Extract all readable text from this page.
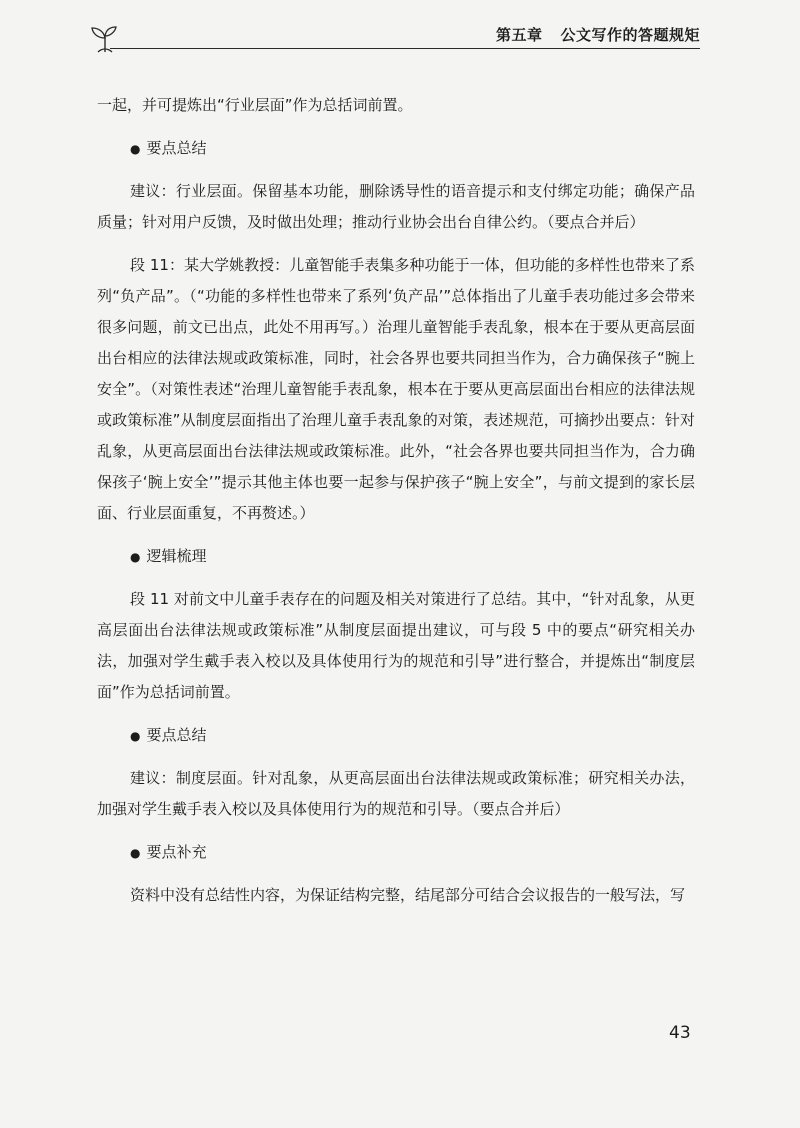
第五章 公文写作的答题规矩

一起，并可提炼出“行业层面”作为总括词前置。

● 要点总结

建议：行业层面。保留基本功能，删除诱导性的语音提示和支付绑定功能；确保产品质量；针对用户反馈，及时做出处理；推动行业协会出台自律公约。（要点合并后）

段 11：某大学姚教授：儿童智能手表集多种功能于一体，但功能的多样性也带来了系列“负产品”。（“功能的多样性也带来了系列‘负产品’”总体指出了儿童手表功能过多会带来很多问题，前文已出点，此处不用再写。）治理儿童智能手表乱象，根本在于要从更高层面出台相应的法律法规或政策标准，同时，社会各界也要共同担当作为，合力确保孩子“腕上安全”。（对策性表述“治理儿童智能手表乱象，根本在于要从更高层面出台相应的法律法规或政策标准”从制度层面指出了治理儿童手表乱象的对策，表述规范，可摘抄出要点：针对乱象，从更高层面出台法律法规或政策标准。此外，“社会各界也要共同担当作为，合力确保孩子‘腕上安全’”提示其他主体也要一起参与保护孩子“腕上安全”，与前文提到的家长层面、行业层面重复，不再赘述。）

● 逻辑梳理

段 11 对前文中儿童手表存在的问题及相关对策进行了总结。其中，“针对乱象，从更高层面出台法律法规或政策标准”从制度层面提出建议，可与段 5 中的要点“研究相关办法，加强对学生戴手表入校以及具体使用行为的规范和引导”进行整合，并提炼出“制度层面”作为总括词前置。

● 要点总结

建议：制度层面。针对乱象，从更高层面出台法律法规或政策标准；研究相关办法，加强对学生戴手表入校以及具体使用行为的规范和引导。（要点合并后）

● 要点补充

资料中没有总结性内容，为保证结构完整，结尾部分可结合会议报告的一般写法，写

43
